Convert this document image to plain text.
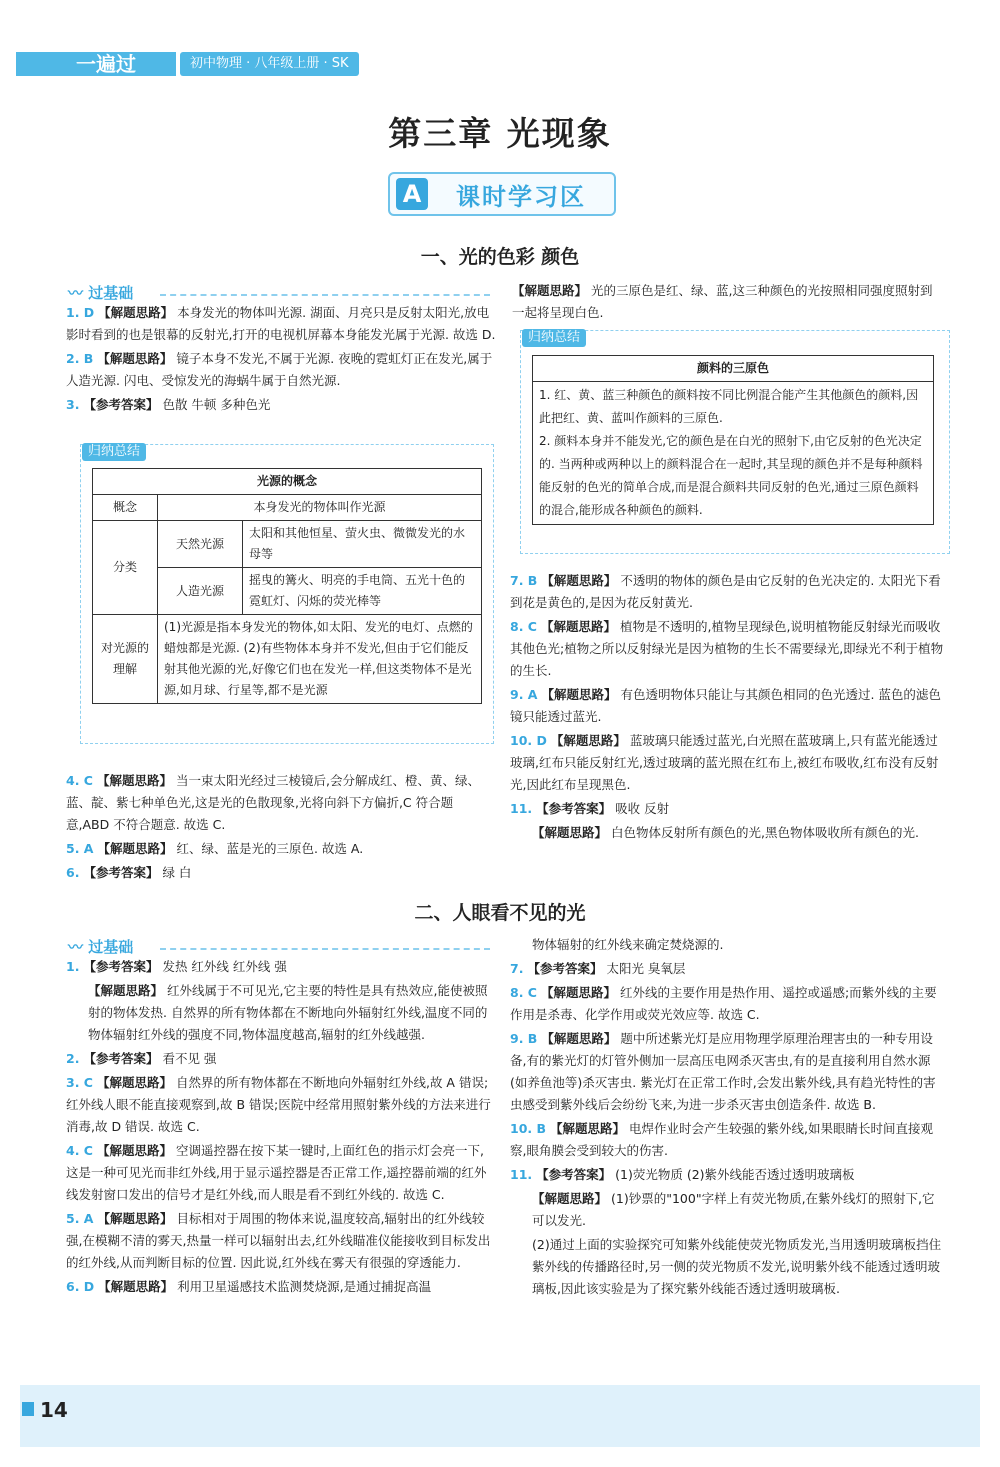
一遍过	初中物理 · 八年级上册 · SK
第三章 光现象
A	课时学习区
一、光的色彩 颜色
〰 过基础
1. D 【解题思路】 本身发光的物体叫光源. 湖面、月亮只是反射太阳光,放电影时看到的也是银幕的反射光,打开的电视机屏幕本身能发光属于光源. 故选 D.
2. B 【解题思路】 镜子本身不发光,不属于光源. 夜晚的霓虹灯正在发光,属于人造光源. 闪电、受惊发光的海蜗牛属于自然光源.
3. 【参考答案】 色散 牛顿 多种色光
归纳总结
光源的概念		
概念	本身发光的物体叫作光源	
分类	天然光源	太阳和其他恒星、萤火虫、微微发光的水母等
	人造光源	摇曳的篝火、明亮的手电筒、五光十色的霓虹灯、闪烁的荧光棒等
对光源的理解	(1)光源是指本身发光的物体,如太阳、发光的电灯、点燃的蜡烛都是光源. (2)有些物体本身并不发光,但由于它们能反射其他光源的光,好像它们也在发光一样,但这类物体不是光源,如月球、行星等,都不是光源	
4. C 【解题思路】 当一束太阳光经过三棱镜后,会分解成红、橙、黄、绿、蓝、靛、紫七种单色光,这是光的色散现象,光将向斜下方偏折,C 符合题意,ABD 不符合题意. 故选 C.
5. A 【解题思路】 红、绿、蓝是光的三原色. 故选 A.
6. 【参考答案】 绿 白
【解题思路】 光的三原色是红、绿、蓝,这三种颜色的光按照相同强度照射到一起将呈现白色.
归纳总结
颜料的三原色

1. 红、黄、蓝三种颜色的颜料按不同比例混合能产生其他颜色的颜料,因此把红、黄、蓝叫作颜料的三原色.
2. 颜料本身并不能发光,它的颜色是在白光的照射下,由它反射的色光决定的. 当两种或两种以上的颜料混合在一起时,其呈现的颜色并不是每种颜料能反射的色光的简单合成,而是混合颜料共同反射的色光,通过三原色颜料的混合,能形成各种颜色的颜料.
7. B 【解题思路】 不透明的物体的颜色是由它反射的色光决定的. 太阳光下看到花是黄色的,是因为花反射黄光.
8. C 【解题思路】 植物是不透明的,植物呈现绿色,说明植物能反射绿光而吸收其他色光;植物之所以反射绿光是因为植物的生长不需要绿光,即绿光不利于植物的生长.
9. A 【解题思路】 有色透明物体只能让与其颜色相同的色光透过. 蓝色的滤色镜只能透过蓝光.
10. D 【解题思路】 蓝玻璃只能透过蓝光,白光照在蓝玻璃上,只有蓝光能透过玻璃,红布只能反射红光,透过玻璃的蓝光照在红布上,被红布吸收,红布没有反射光,因此红布呈现黑色.
11. 【参考答案】 吸收 反射
【解题思路】 白色物体反射所有颜色的光,黑色物体吸收所有颜色的光.
二、人眼看不见的光
〰 过基础
1. 【参考答案】 发热 红外线 红外线 强
【解题思路】 红外线属于不可见光,它主要的特性是具有热效应,能使被照射的物体发热. 自然界的所有物体都在不断地向外辐射红外线,温度不同的物体辐射红外线的强度不同,物体温度越高,辐射的红外线越强.
2. 【参考答案】 看不见 强
3. C 【解题思路】 自然界的所有物体都在不断地向外辐射红外线,故 A 错误;红外线人眼不能直接观察到,故 B 错误;医院中经常用照射紫外线的方法来进行消毒,故 D 错误. 故选 C.
4. C 【解题思路】 空调遥控器在按下某一键时,上面红色的指示灯会亮一下,这是一种可见光而非红外线,用于显示遥控器是否正常工作,遥控器前端的红外线发射窗口发出的信号才是红外线,而人眼是看不到红外线的. 故选 C.
5. A 【解题思路】 目标相对于周围的物体来说,温度较高,辐射出的红外线较强,在模糊不清的雾天,热量一样可以辐射出去,红外线瞄准仪能接收到目标发出的红外线,从而判断目标的位置. 因此说,红外线在雾天有很强的穿透能力.
6. D 【解题思路】 利用卫星遥感技术监测焚烧源,是通过捕捉高温
物体辐射的红外线来确定焚烧源的.
7. 【参考答案】 太阳光 臭氧层
8. C 【解题思路】 红外线的主要作用是热作用、遥控或遥感;而紫外线的主要作用是杀毒、化学作用或荧光效应等. 故选 C.
9. B 【解题思路】 题中所述紫光灯是应用物理学原理治理害虫的一种专用设备,有的紫光灯的灯管外侧加一层高压电网杀灭害虫,有的是直接利用自然水源(如养鱼池等)杀灭害虫. 紫光灯在正常工作时,会发出紫外线,具有趋光特性的害虫感受到紫外线后会纷纷飞来,为进一步杀灭害虫创造条件. 故选 B.
10. B 【解题思路】 电焊作业时会产生较强的紫外线,如果眼睛长时间直接观察,眼角膜会受到较大的伤害.
11. 【参考答案】 (1)荧光物质 (2)紫外线能否透过透明玻璃板
【解题思路】 (1)钞票的"100"字样上有荧光物质,在紫外线灯的照射下,它可以发光.
(2)通过上面的实验探究可知紫外线能使荧光物质发光,当用透明玻璃板挡住紫外线的传播路径时,另一侧的荧光物质不发光,说明紫外线不能透过透明玻璃板,因此该实验是为了探究紫外线能否透过透明玻璃板.
14
